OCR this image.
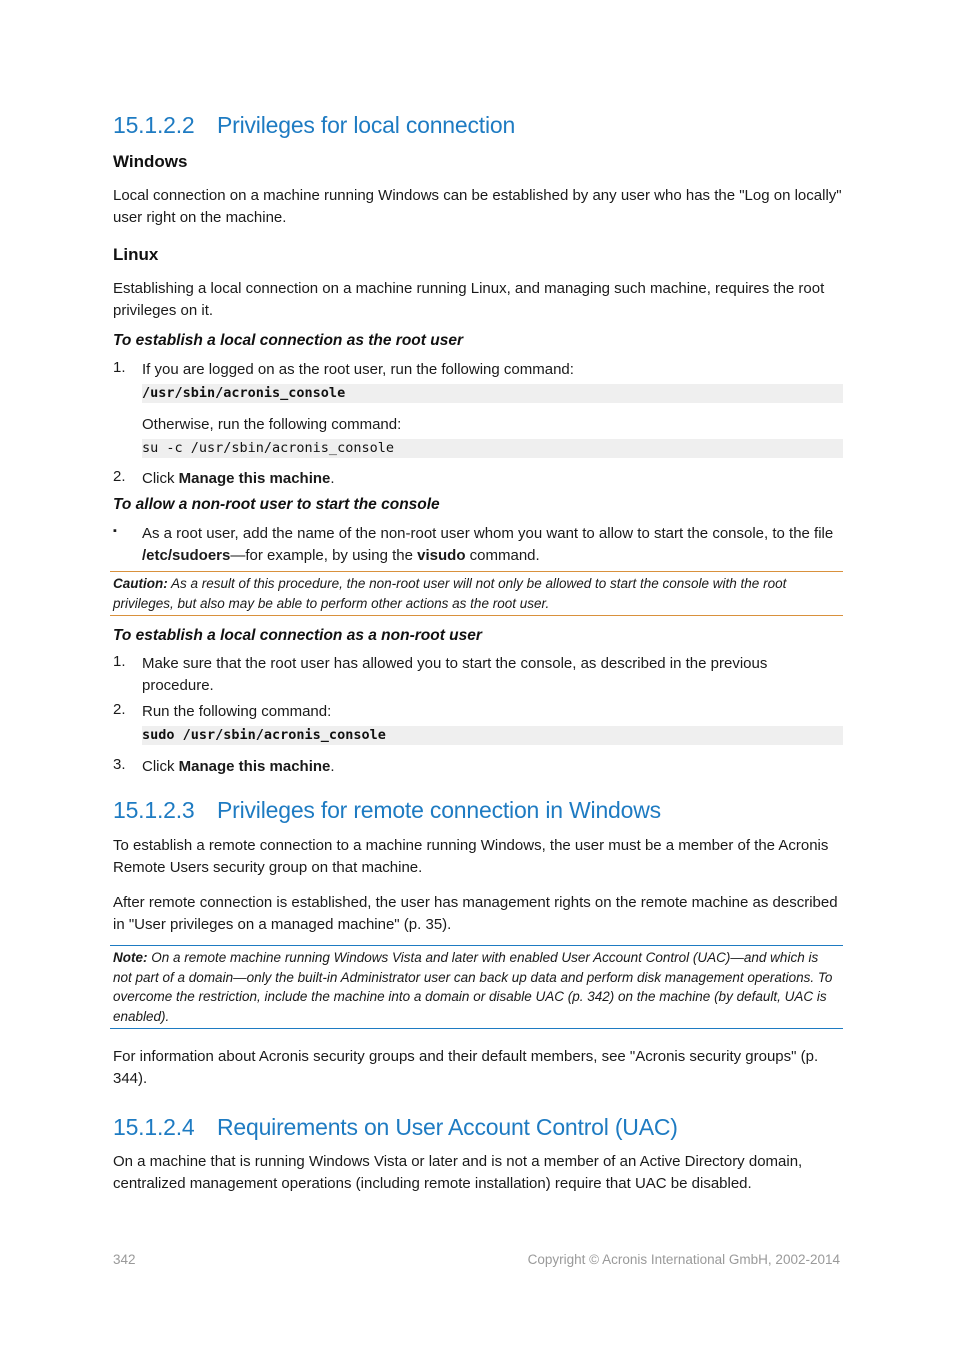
15.1.2.2 Privileges for local connection
Windows
Local connection on a machine running Windows can be established by any user who has the "Log on locally" user right on the machine.
Linux
Establishing a local connection on a machine running Linux, and managing such machine, requires the root privileges on it.
To establish a local connection as the root user
1. If you are logged on as the root user, run the following command:
/usr/sbin/acronis_console
Otherwise, run the following command:
su -c /usr/sbin/acronis_console
2. Click Manage this machine.
To allow a non-root user to start the console
▪ As a root user, add the name of the non-root user whom you want to allow to start the console, to the file /etc/sudoers—for example, by using the visudo command.
Caution: As a result of this procedure, the non-root user will not only be allowed to start the console with the root privileges, but also may be able to perform other actions as the root user.
To establish a local connection as a non-root user
1. Make sure that the root user has allowed you to start the console, as described in the previous procedure.
2. Run the following command:
sudo /usr/sbin/acronis_console
3. Click Manage this machine.
15.1.2.3 Privileges for remote connection in Windows
To establish a remote connection to a machine running Windows, the user must be a member of the Acronis Remote Users security group on that machine.
After remote connection is established, the user has management rights on the remote machine as described in "User privileges on a managed machine" (p. 35).
Note: On a remote machine running Windows Vista and later with enabled User Account Control (UAC)—and which is not part of a domain—only the built-in Administrator user can back up data and perform disk management operations. To overcome the restriction, include the machine into a domain or disable UAC (p. 342) on the machine (by default, UAC is enabled).
For information about Acronis security groups and their default members, see "Acronis security groups" (p. 344).
15.1.2.4 Requirements on User Account Control (UAC)
On a machine that is running Windows Vista or later and is not a member of an Active Directory domain, centralized management operations (including remote installation) require that UAC be disabled.
342	Copyright © Acronis International GmbH, 2002-2014
